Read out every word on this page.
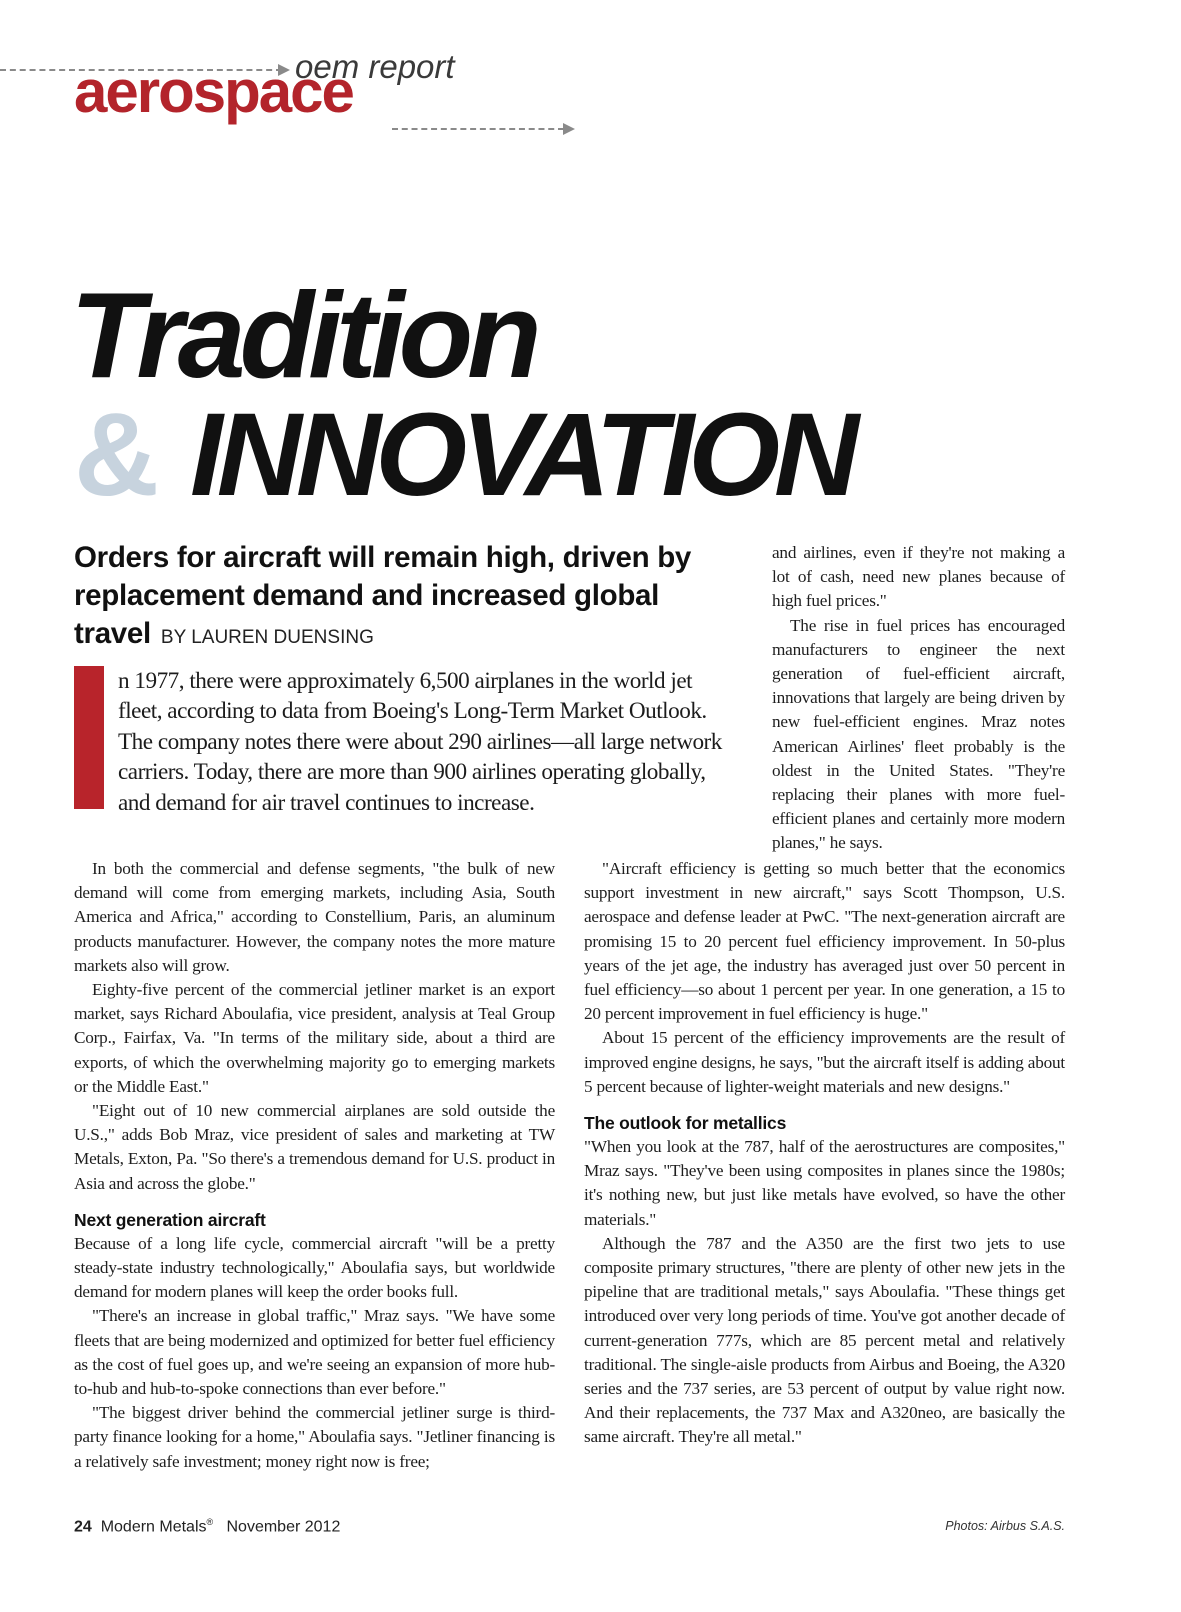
oem report
aerospace
Tradition
& INNOVATION
Orders for aircraft will remain high, driven by replacement demand and increased global travel BY LAUREN DUENSING
n 1977, there were approximately 6,500 airplanes in the world jet fleet, according to data from Boeing's Long-Term Market Outlook. The company notes there were about 290 airlines—all large network carriers. Today, there are more than 900 airlines operating globally, and demand for air travel continues to increase.

and airlines, even if they're not making a lot of cash, need new planes because of high fuel prices."

The rise in fuel prices has encouraged manufacturers to engineer the next generation of fuel-efficient aircraft, innovations that largely are being driven by new fuel-efficient engines. Mraz notes American Airlines' fleet probably is the oldest in the United States. "They're replacing their planes with more fuel-efficient planes and certainly more modern planes," he says.

In both the commercial and defense segments, "the bulk of new demand will come from emerging markets, including Asia, South America and Africa," according to Constellium, Paris, an aluminum products manufacturer. However, the company notes the more mature markets also will grow.

Eighty-five percent of the commercial jetliner market is an export market, says Richard Aboulafia, vice president, analysis at Teal Group Corp., Fairfax, Va. "In terms of the military side, about a third are exports, of which the overwhelming majority go to emerging markets or the Middle East."

"Eight out of 10 new commercial airplanes are sold outside the U.S.," adds Bob Mraz, vice president of sales and marketing at TW Metals, Exton, Pa. "So there's a tremendous demand for U.S. product in Asia and across the globe."

Next generation aircraft

Because of a long life cycle, commercial aircraft "will be a pretty steady-state industry technologically," Aboulafia says, but worldwide demand for modern planes will keep the order books full.

"There's an increase in global traffic," Mraz says. "We have some fleets that are being modernized and optimized for better fuel efficiency as the cost of fuel goes up, and we're seeing an expansion of more hub-to-hub and hub-to-spoke connections than ever before."

"The biggest driver behind the commercial jetliner surge is third-party finance looking for a home," Aboulafia says. "Jetliner financing is a relatively safe investment; money right now is free;

"Aircraft efficiency is getting so much better that the economics support investment in new aircraft," says Scott Thompson, U.S. aerospace and defense leader at PwC. "The next-generation aircraft are promising 15 to 20 percent fuel efficiency improvement. In 50-plus years of the jet age, the industry has averaged just over 50 percent in fuel efficiency—so about 1 percent per year. In one generation, a 15 to 20 percent improvement in fuel efficiency is huge."

About 15 percent of the efficiency improvements are the result of improved engine designs, he says, "but the aircraft itself is adding about 5 percent because of lighter-weight materials and new designs."

The outlook for metallics

"When you look at the 787, half of the aerostructures are composites," Mraz says. "They've been using composites in planes since the 1980s; it's nothing new, but just like metals have evolved, so have the other materials."

Although the 787 and the A350 are the first two jets to use composite primary structures, "there are plenty of other new jets in the pipeline that are traditional metals," says Aboulafia. "These things get introduced over very long periods of time. You've got another decade of current-generation 777s, which are 85 percent metal and relatively traditional. The single-aisle products from Airbus and Boeing, the A320 series and the 737 series, are 53 percent of output by value right now. And their replacements, the 737 Max and A320neo, are basically the same aircraft. They're all metal."

24 Modern Metals® November 2012	Photos: Airbus S.A.S.
